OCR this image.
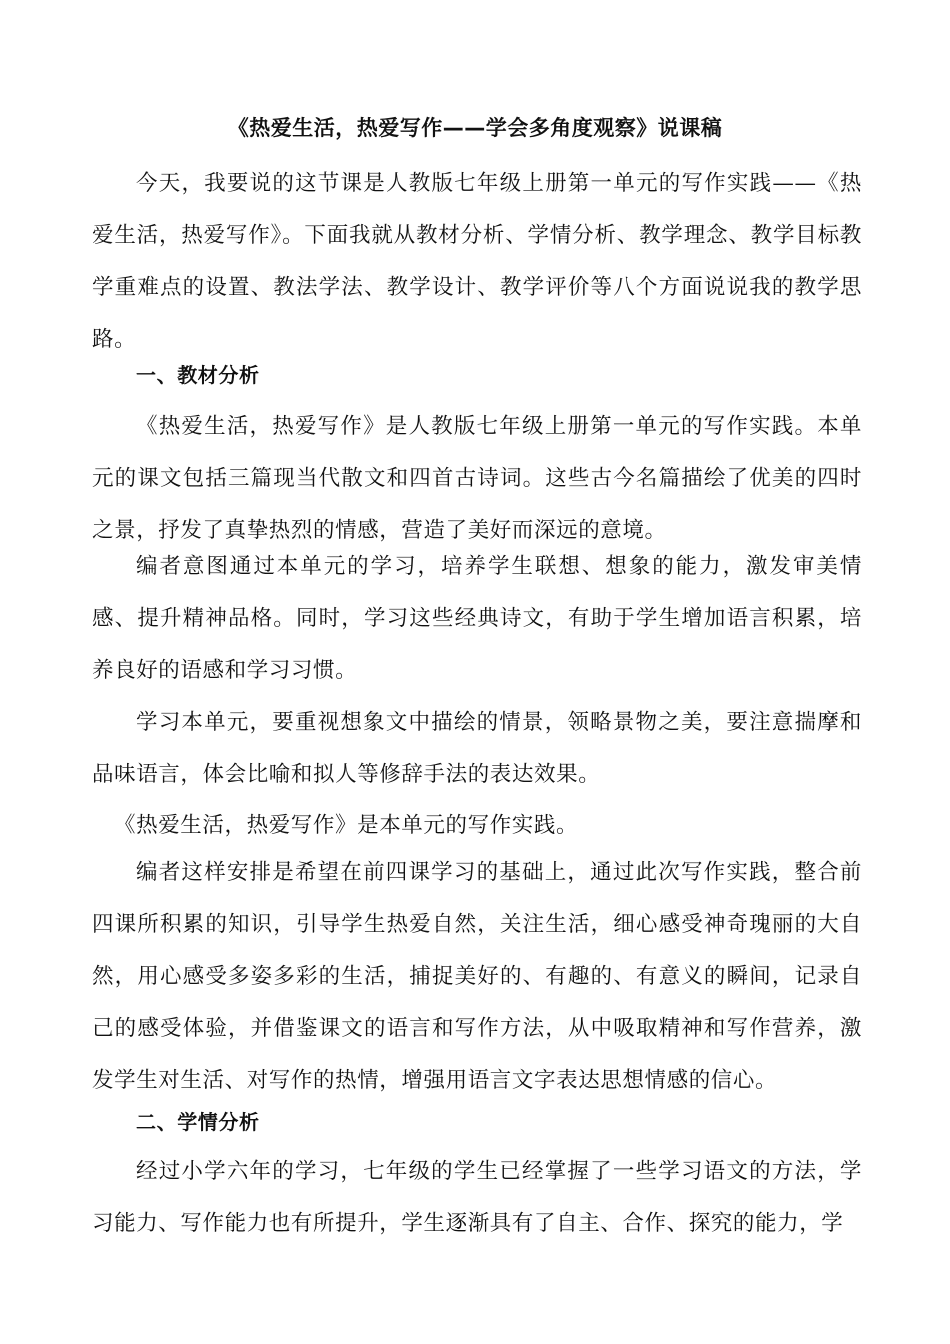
《热爱生活，热爱写作——学会多角度观察》说课稿

今天，我要说的这节课是人教版七年级上册第一单元的写作实践——《热爱生活，热爱写作》。下面我就从教材分析、学情分析、教学理念、教学目标教学重难点的设置、教法学法、教学设计、教学评价等八个方面说说我的教学思路。

一、教材分析

《热爱生活，热爱写作》是人教版七年级上册第一单元的写作实践。本单元的课文包括三篇现当代散文和四首古诗词。这些古今名篇描绘了优美的四时之景，抒发了真挚热烈的情感，营造了美好而深远的意境。

编者意图通过本单元的学习，培养学生联想、想象的能力，激发审美情感、提升精神品格。同时，学习这些经典诗文，有助于学生增加语言积累，培养良好的语感和学习习惯。

学习本单元，要重视想象文中描绘的情景，领略景物之美，要注意揣摩和品味语言，体会比喻和拟人等修辞手法的表达效果。

《热爱生活，热爱写作》是本单元的写作实践。

编者这样安排是希望在前四课学习的基础上，通过此次写作实践，整合前四课所积累的知识，引导学生热爱自然，关注生活，细心感受神奇瑰丽的大自然，用心感受多姿多彩的生活，捕捉美好的、有趣的、有意义的瞬间，记录自己的感受体验，并借鉴课文的语言和写作方法，从中吸取精神和写作营养，激发学生对生活、对写作的热情，增强用语言文字表达思想情感的信心。

二、学情分析

经过小学六年的学习，七年级的学生已经掌握了一些学习语文的方法，学习能力、写作能力也有所提升，学生逐渐具有了自主、合作、探究的能力，学
